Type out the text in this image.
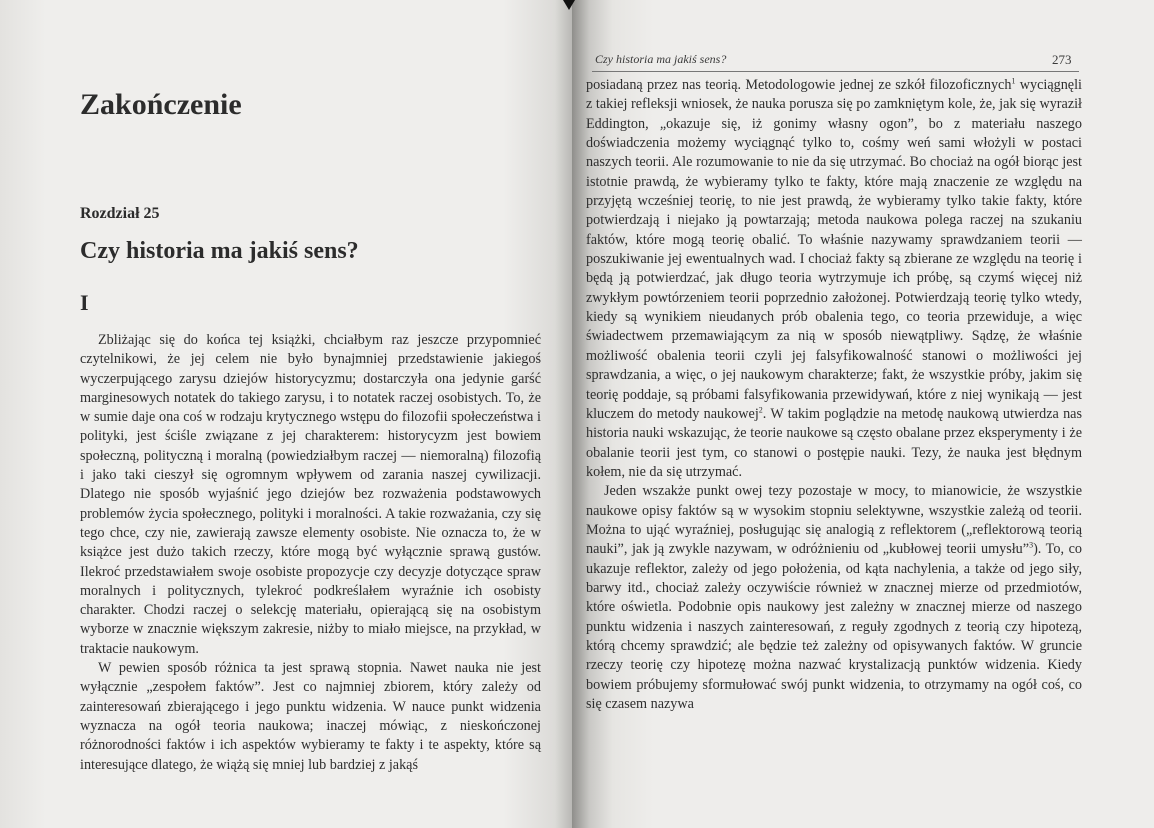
Zakończenie
Rozdział 25
Czy historia ma jakiś sens?
I

Zbliżając się do końca tej książki, chciałbym raz jeszcze przypomnieć czytelnikowi, że jej celem nie było bynajmniej przedstawienie jakiegoś wyczerpującego zarysu dziejów historycyzmu; dostarczyła ona jedynie garść marginesowych notatek do takiego zarysu, i to notatek raczej osobistych. To, że w sumie daje ona coś w rodzaju krytycznego wstępu do filozofii społeczeństwa i polityki, jest ściśle związane z jej charakterem: historycyzm jest bowiem społeczną, polityczną i moralną (powiedziałbym raczej — niemoralną) filozofią i jako taki cieszył się ogromnym wpływem od zarania naszej cywilizacji. Dlatego nie sposób wyjaśnić jego dziejów bez rozważenia podstawowych problemów życia społecznego, polityki i moralności. A takie rozważania, czy się tego chce, czy nie, zawierają zawsze elementy osobiste. Nie oznacza to, że w książce jest dużo takich rzeczy, które mogą być wyłącznie sprawą gustów. Ilekroć przedstawiałem swoje osobiste propozycje czy decyzje dotyczące spraw moralnych i politycznych, tylekroć podkreślałem wyraźnie ich osobisty charakter. Chodzi raczej o selekcję materiału, opierającą się na osobistym wyborze w znacznie większym zakresie, niżby to miało miejsce, na przykład, w traktacie naukowym.

W pewien sposób różnica ta jest sprawą stopnia. Nawet nauka nie jest wyłącznie „zespołem faktów”. Jest co najmniej zbiorem, który zależy od zainteresowań zbierającego i jego punktu widzenia. W nauce punkt widzenia wyznacza na ogół teoria naukowa; inaczej mówiąc, z nieskończonej różnorodności faktów i ich aspektów wybieramy te fakty i te aspekty, które są interesujące dlatego, że wiążą się mniej lub bardziej z jakąś

Czy historia ma jakiś sens?	273

posiadaną przez nas teorią. Metodologowie jednej ze szkół filozoficznych$^1$ wyciągnęli z takiej refleksji wniosek, że nauka porusza się po zamkniętym kole, że, jak się wyraził Eddington, „okazuje się, iż gonimy własny ogon”, bo z materiału naszego doświadczenia możemy wyciągnąć tylko to, cośmy weń sami włożyli w postaci naszych teorii. Ale rozumowanie to nie da się utrzymać. Bo chociaż na ogół biorąc jest istotnie prawdą, że wybieramy tylko te fakty, które mają znaczenie ze względu na przyjętą wcześniej teorię, to nie jest prawdą, że wybieramy tylko takie fakty, które potwierdzają i niejako ją powtarzają; metoda naukowa polega raczej na szukaniu faktów, które mogą teorię obalić. To właśnie nazywamy sprawdzaniem teorii — poszukiwanie jej ewentualnych wad. I chociaż fakty są zbierane ze względu na teorię i będą ją potwierdzać, jak długo teoria wytrzymuje ich próbę, są czymś więcej niż zwykłym powtórzeniem teorii poprzednio założonej. Potwierdzają teorię tylko wtedy, kiedy są wynikiem nieudanych prób obalenia tego, co teoria przewiduje, a więc świadectwem przemawiającym za nią w sposób niewątpliwy. Sądzę, że właśnie możliwość obalenia teorii czyli jej falsyfikowalność stanowi o możliwości jej sprawdzania, a więc, o jej naukowym charakterze; fakt, że wszystkie próby, jakim się teorię poddaje, są próbami falsyfikowania przewidywań, które z niej wynikają — jest kluczem do metody naukowej$^2$. W takim poglądzie na metodę naukową utwierdza nas historia nauki wskazując, że teorie naukowe są często obalane przez eksperymenty i że obalanie teorii jest tym, co stanowi o postępie nauki. Tezy, że nauka jest błędnym kołem, nie da się utrzymać.

Jeden wszakże punkt owej tezy pozostaje w mocy, to mianowicie, że wszystkie naukowe opisy faktów są w wysokim stopniu selektywne, wszystkie zależą od teorii. Można to ująć wyraźniej, posługując się analogią z reflektorem („reflektorową teorią nauki”, jak ją zwykle nazywam, w odróżnieniu od „kubłowej teorii umysłu”$^3$). To, co ukazuje reflektor, zależy od jego położenia, od kąta nachylenia, a także od jego siły, barwy itd., chociaż zależy oczywiście również w znacznej mierze od przedmiotów, które oświetla. Podobnie opis naukowy jest zależny w znacznej mierze od naszego punktu widzenia i naszych zainteresowań, z reguły zgodnych z teorią czy hipotezą, którą chcemy sprawdzić; ale będzie też zależny od opisywanych faktów. W gruncie rzeczy teorię czy hipotezę można nazwać krystalizacją punktów widzenia. Kiedy bowiem próbujemy sformułować swój punkt widzenia, to otrzymamy na ogół coś, co się czasem nazywa
